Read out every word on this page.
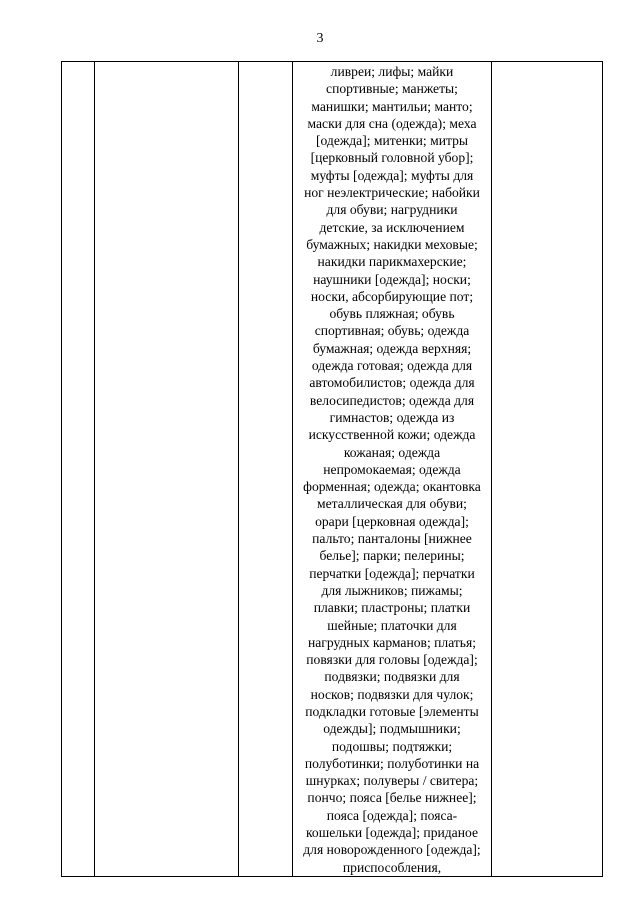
3

ливреи; лифы; майки
спортивные; манжеты;
манишки; мантильи; манто;
маски для сна (одежда); меха
[одежда]; митенки; митры
[церковный головной убор];
муфты [одежда]; муфты для
ног неэлектрические; набойки
для обуви; нагрудники
детские, за исключением
бумажных; накидки меховые;
накидки парикмахерские;
наушники [одежда]; носки;
носки, абсорбирующие пот;
обувь пляжная; обувь
спортивная; обувь; одежда
бумажная; одежда верхняя;
одежда готовая; одежда для
автомобилистов; одежда для
велосипедистов; одежда для
гимнастов; одежда из
искусственной кожи; одежда
кожаная; одежда
непромокаемая; одежда
форменная; одежда; окантовка
металлическая для обуви;
орари [церковная одежда];
пальто; панталоны [нижнее
белье]; парки; пелерины;
перчатки [одежда]; перчатки
для лыжников; пижамы;
плавки; пластроны; платки
шейные; платочки для
нагрудных карманов; платья;
повязки для головы [одежда];
подвязки; подвязки для
носков; подвязки для чулок;
подкладки готовые [элементы
одежды]; подмышники;
подошвы; подтяжки;
полуботинки; полуботинки на
шнурках; полуверы / свитера;
пончо; пояса [белье нижнее];
пояса [одежда]; пояса-
кошельки [одежда]; приданое
для новорожденного [одежда];
приспособления,
